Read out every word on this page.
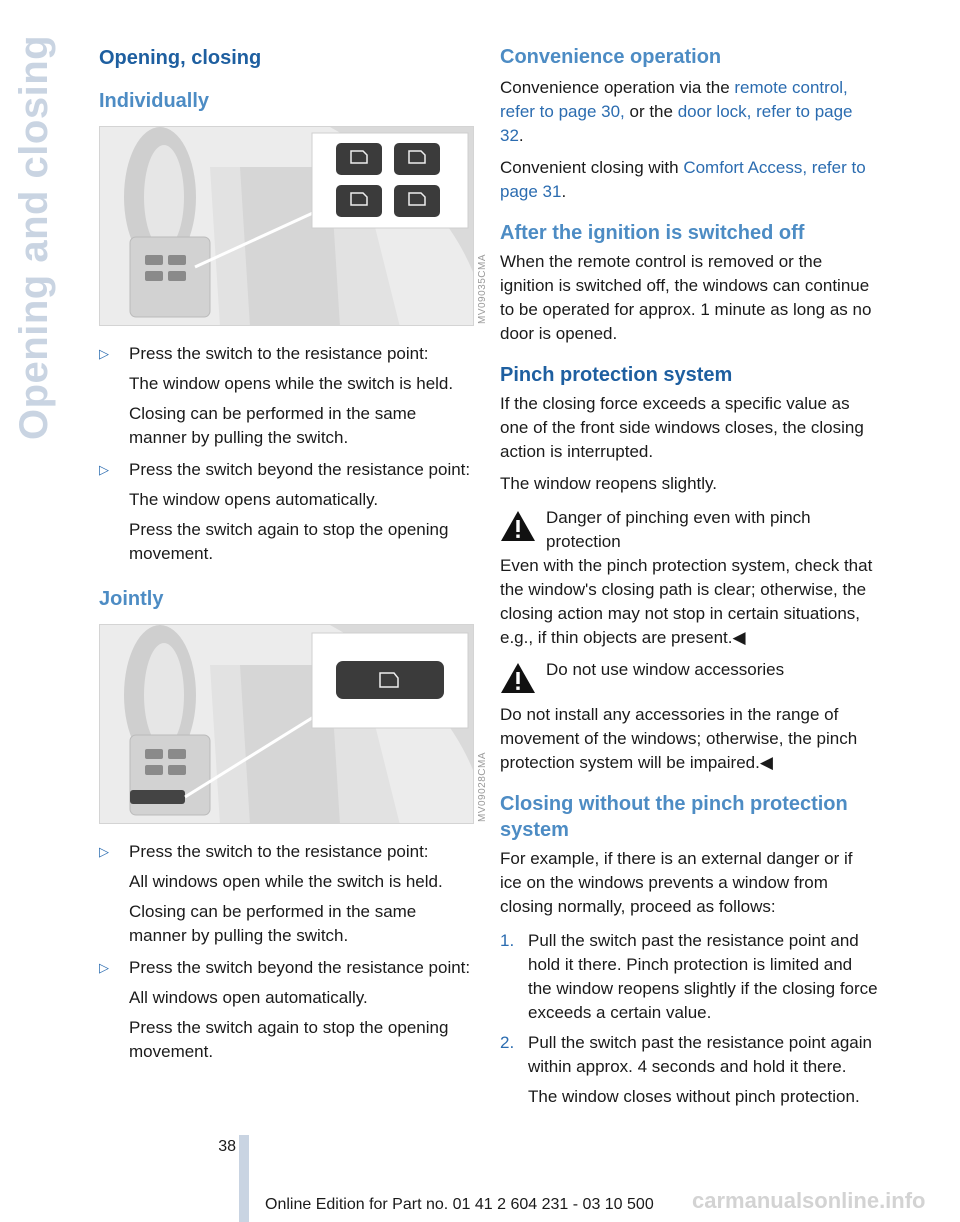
Opening and closing	Opening, closing
Individually
MV09035CMA
▷	Press the switch to the resistance point:

The window opens while the switch is held.

Closing can be performed in the same manner by pulling the switch.

▷	Press the switch beyond the resistance point:

The window opens automatically.

Press the switch again to stop the opening movement.

Jointly
MV09028CMA
▷	Press the switch to the resistance point:

All windows open while the switch is held.

Closing can be performed in the same manner by pulling the switch.

▷	Press the switch beyond the resistance point:

All windows open automatically.

Press the switch again to stop the opening movement.

Convenience operation

Convenience operation via the remote control, refer to page 30, or the door lock, refer to page 32.

Convenient closing with Comfort Access, refer to page 31.

After the ignition is switched off

When the remote control is removed or the ignition is switched off, the windows can continue to be operated for approx. 1 minute as long as no door is opened.

Pinch protection system

If the closing force exceeds a specific value as one of the front side windows closes, the closing action is interrupted.

The window reopens slightly.

Danger of pinching even with pinch protection

Even with the pinch protection system, check that the window's closing path is clear; otherwise, the closing action may not stop in certain situations, e.g., if thin objects are present.◀

Do not use window accessories

Do not install any accessories in the range of movement of the windows; otherwise, the pinch protection system will be impaired.◀

Closing without the pinch protection system

For example, if there is an external danger or if ice on the windows prevents a window from closing normally, proceed as follows:

1. Pull the switch past the resistance point and hold it there. Pinch protection is limited and the window reopens slightly if the closing force exceeds a certain value.

2. Pull the switch past the resistance point again within approx. 4 seconds and hold it there.

The window closes without pinch protection.

38
Online Edition for Part no. 01 41 2 604 231 - 03 10 500 carmanualsonline.info
